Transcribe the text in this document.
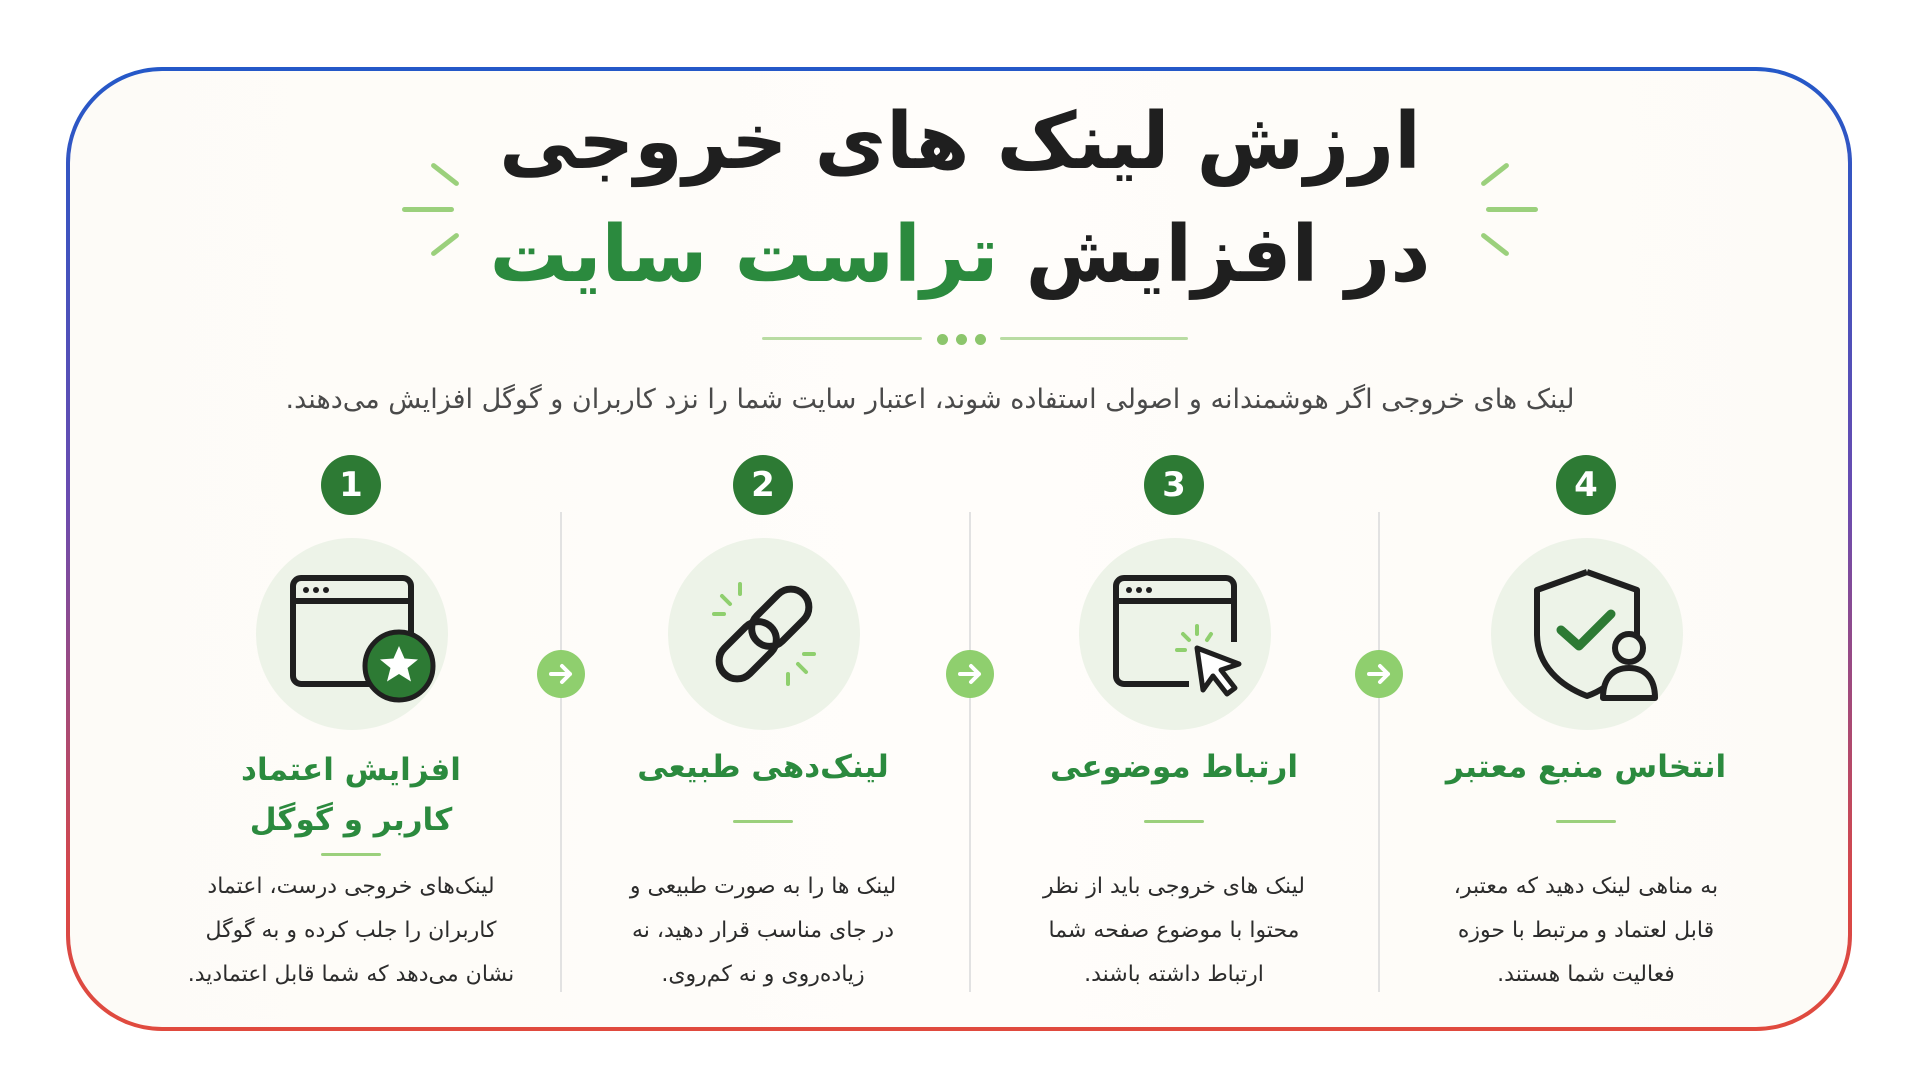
ارزش لینک های خروجی
در افزایش تراست سایت
لینک های خروجی اگر هوشمندانه و اصولی استفاده شوند، اعتبار سایت شما را نزد کاربران و گوگل افزایش می‌دهند.
1
افزایش اعتماد
کاربر و گوگل
لینک‌های خروجی درست، اعتماد
کاربران را جلب کرده و به گوگل
نشان می‌دهد که شما قابل اعتمادید.
2
لینک‌دهی طبیعی
لینک ها را به صورت طبیعی و
در جای مناسب قرار دهید، نه
زیاده‌روی و نه کم‌روی.
3
ارتباط موضوعی
لینک های خروجی باید از نظر
محتوا با موضوع صفحه شما
ارتباط داشته باشند.
4
انتخاس منبع معتبر
به مناهی لینک دهید که معتبر،
قابل لعتماد و مرتبط با حوزه
فعالیت شما هستند.
